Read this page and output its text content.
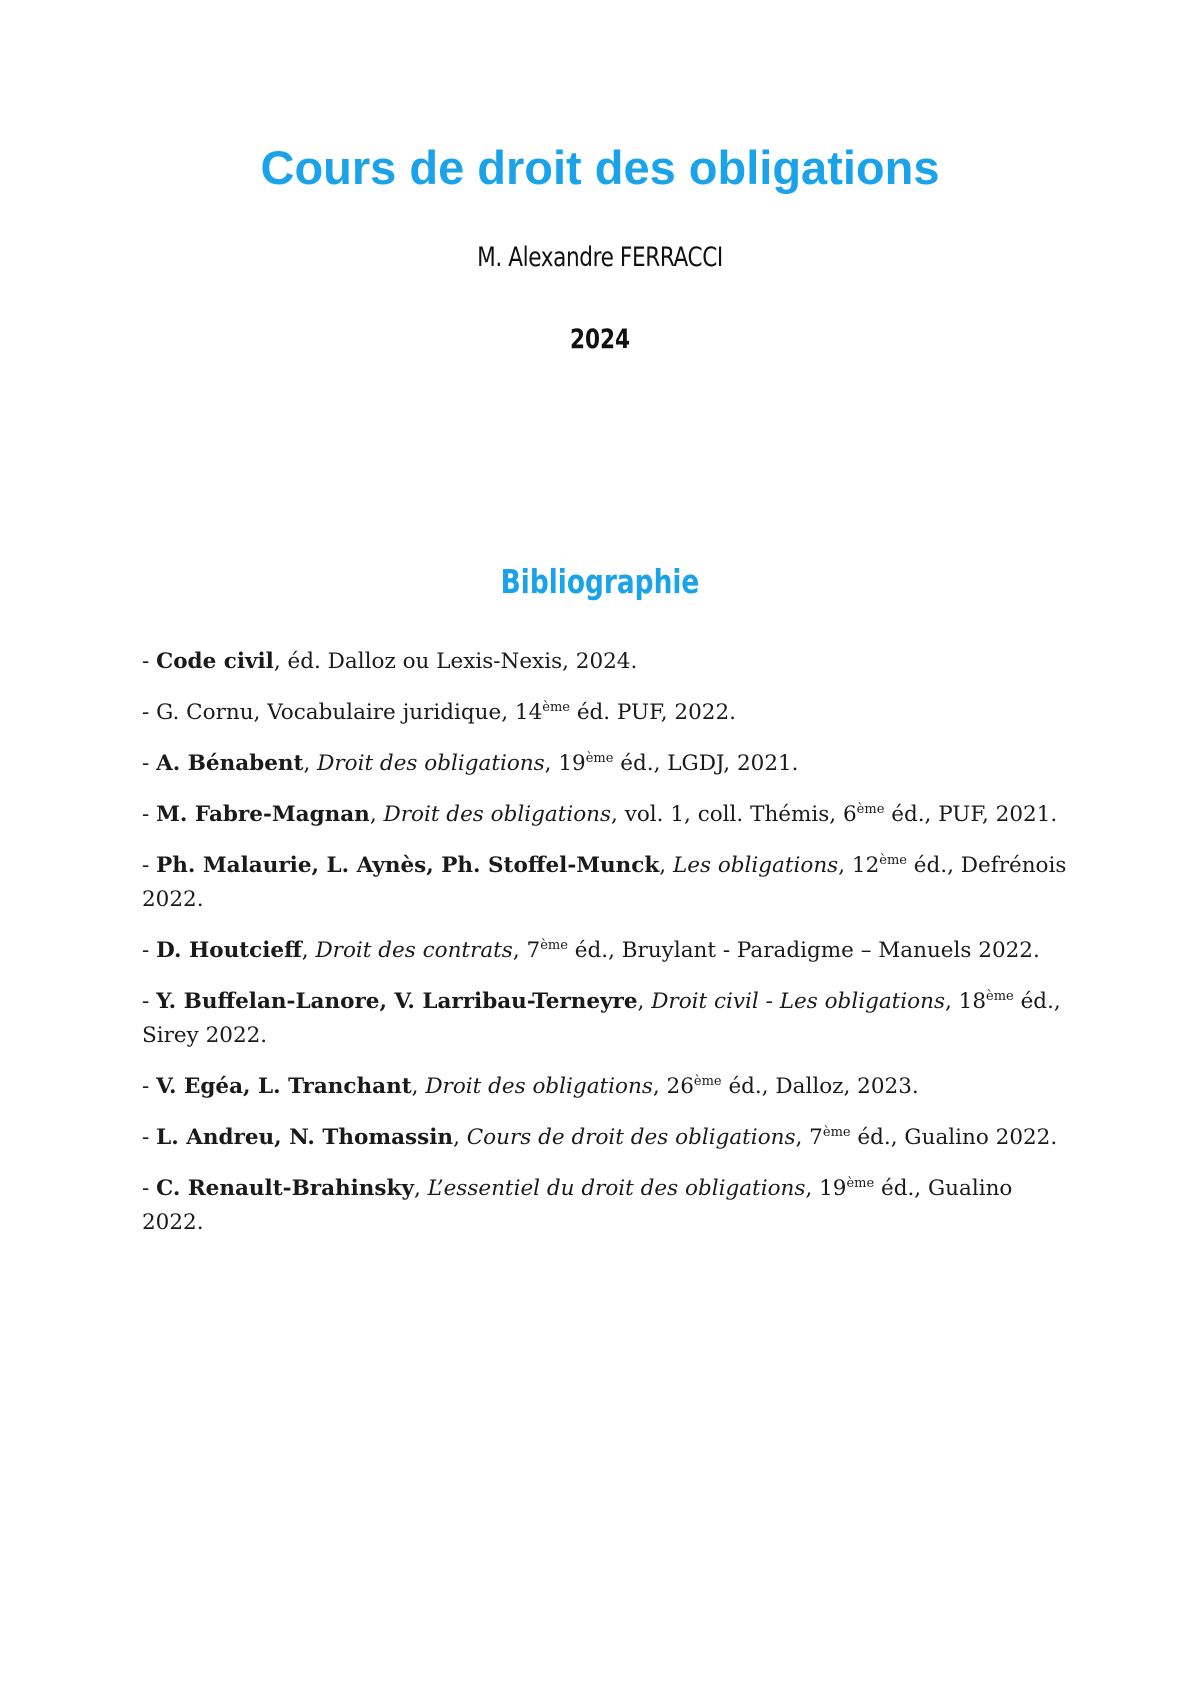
Cours de droit des obligations

M. Alexandre FERRACCI

2024

Bibliographie
- Code civil, éd. Dalloz ou Lexis-Nexis, 2024.
- G. Cornu, Vocabulaire juridique, 14ème éd. PUF, 2022.
- A. Bénabent, Droit des obligations, 19ème éd., LGDJ, 2021.
- M. Fabre-Magnan, Droit des obligations, vol. 1, coll. Thémis, 6ème éd., PUF, 2021.
- Ph. Malaurie, L. Aynès, Ph. Stoffel-Munck, Les obligations, 12ème éd., Defrénois 2022.
- D. Houtcieff, Droit des contrats, 7ème éd., Bruylant - Paradigme – Manuels 2022.
- Y. Buffelan-Lanore, V. Larribau-Terneyre, Droit civil - Les obligations, 18ème éd., Sirey 2022.
- V. Egéa, L. Tranchant, Droit des obligations, 26ème éd., Dalloz, 2023.
- L. Andreu, N. Thomassin, Cours de droit des obligations, 7ème éd., Gualino 2022.
- C. Renault-Brahinsky, L’essentiel du droit des obligations, 19ème éd., Gualino 2022.
